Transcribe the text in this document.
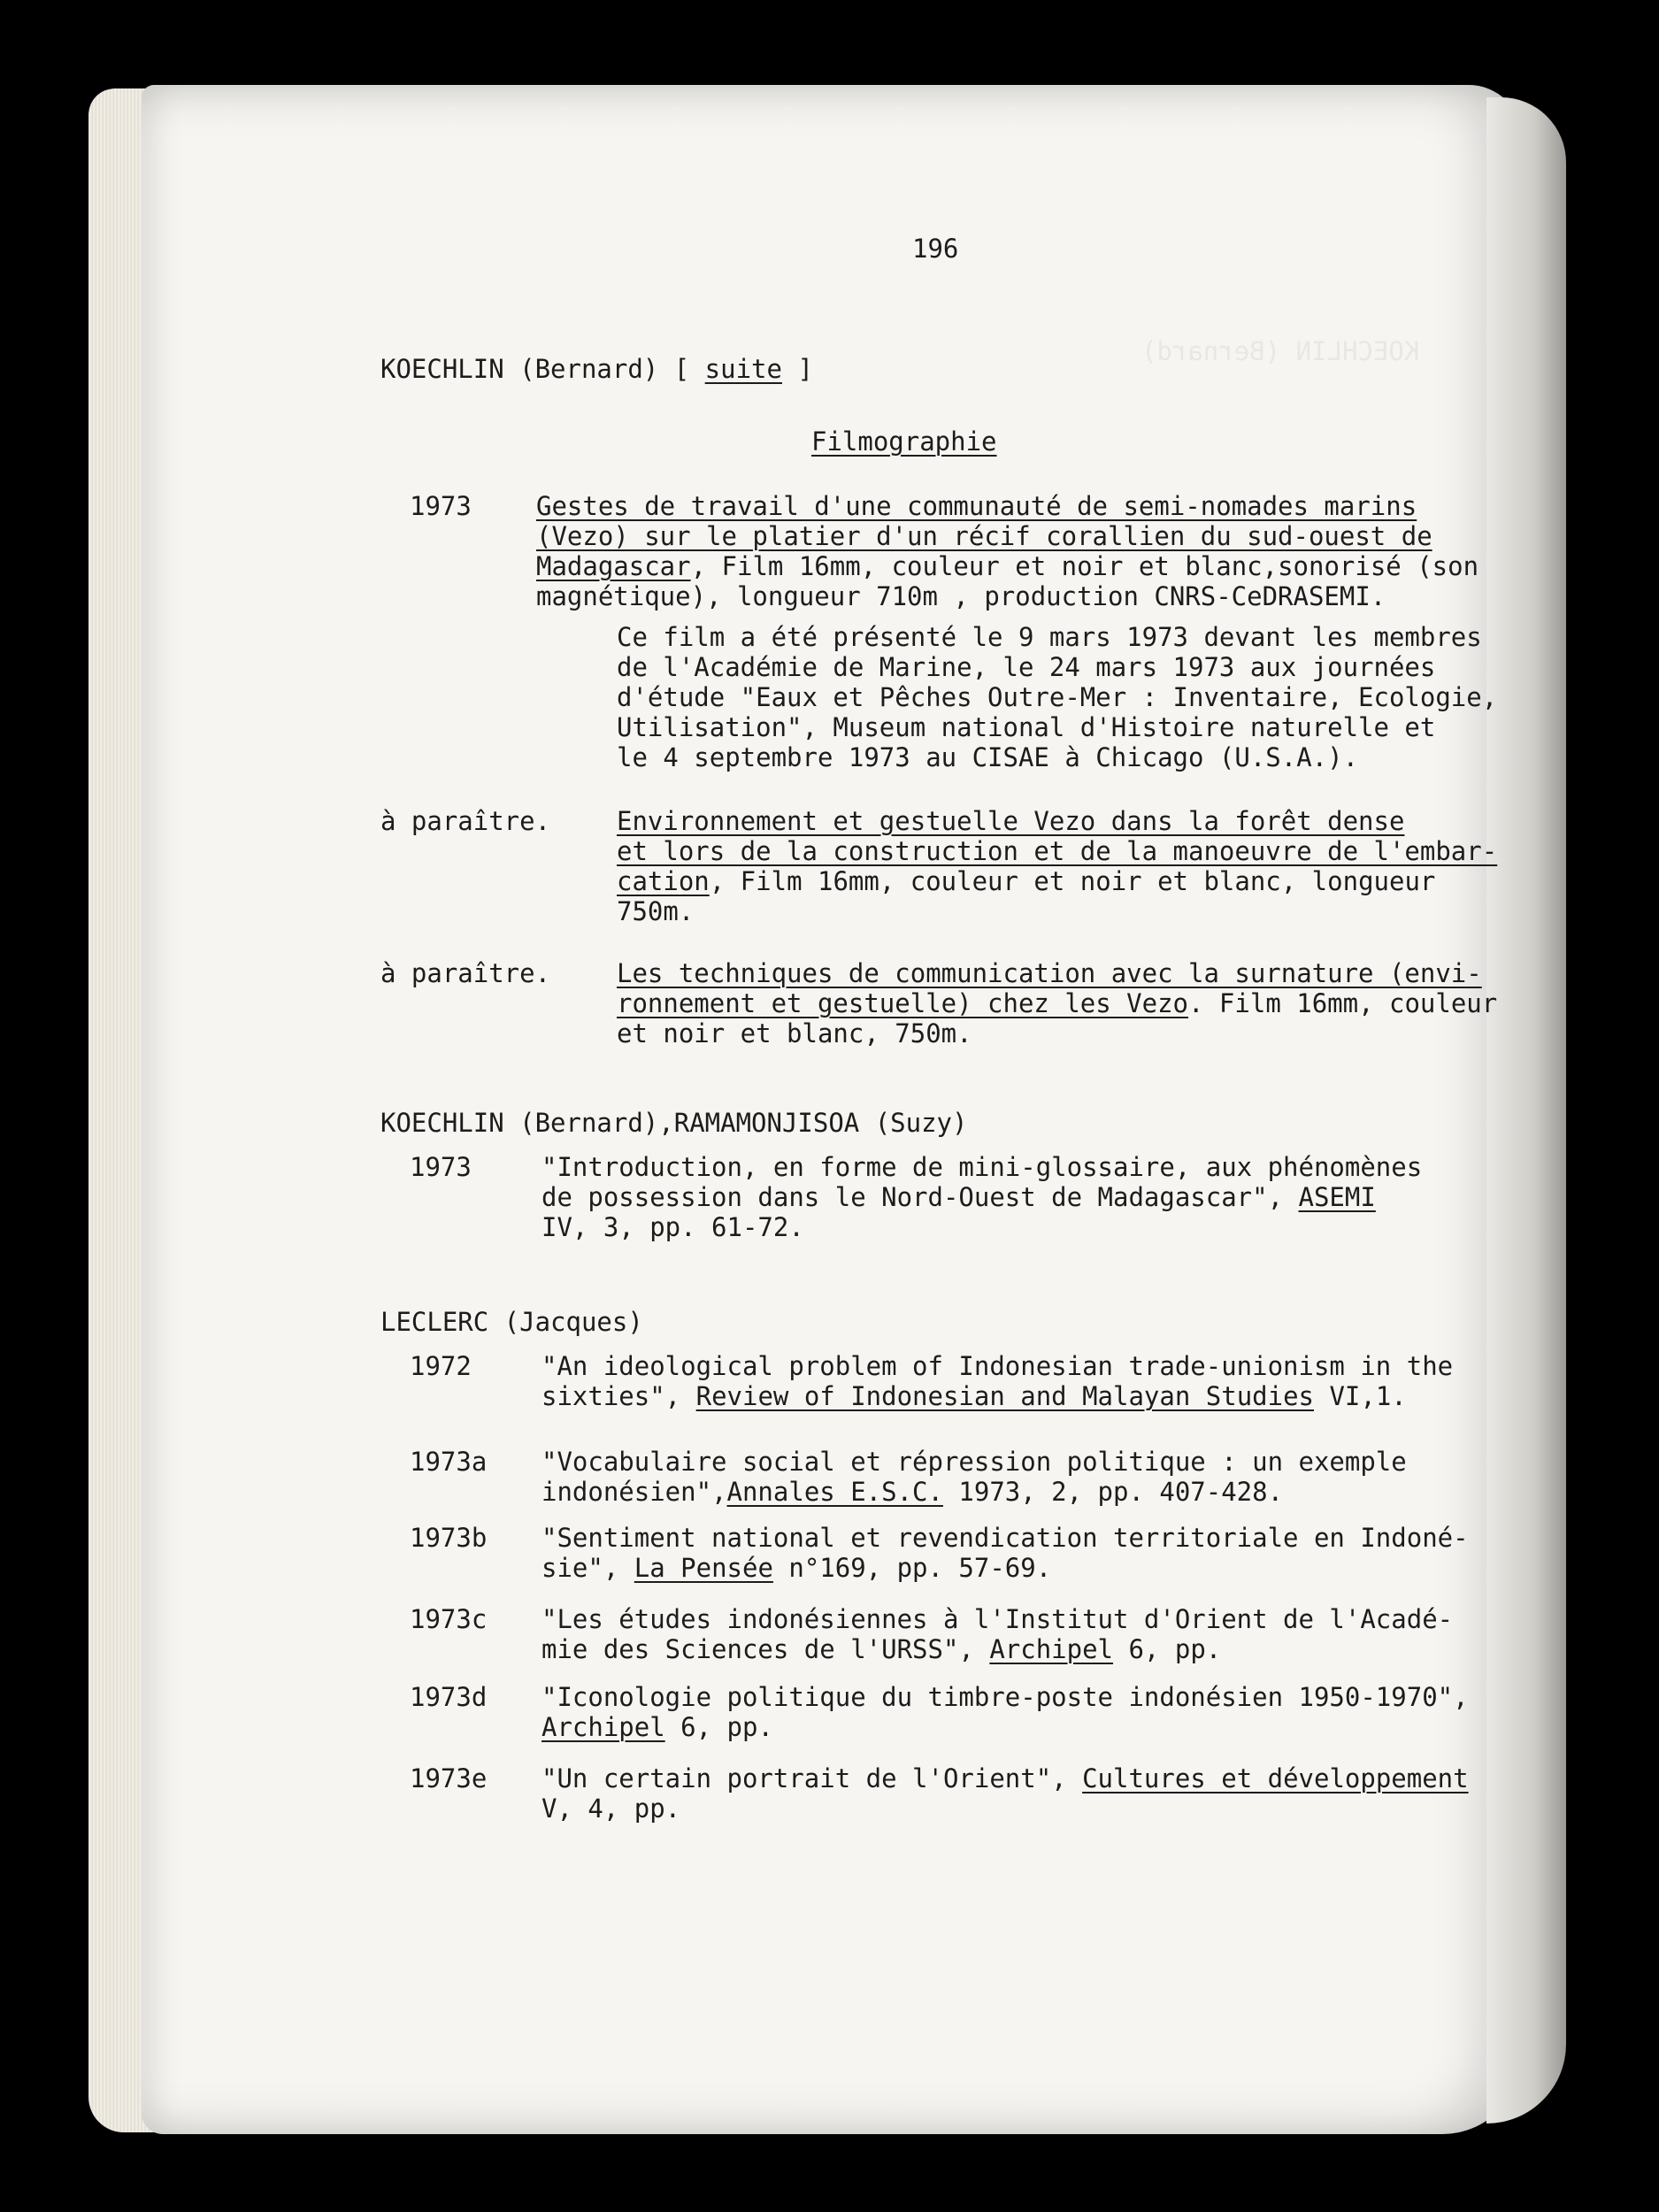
KOECHLIN (Bernard)
196
KOECHLIN (Bernard) [ suite ]
Filmographie
1973	Gestes de travail d'une communauté de semi-nomades marins
(Vezo) sur le platier d'un récif corallien du sud-ouest de
Madagascar, Film 16mm, couleur et noir et blanc,sonorisé (son
magnétique), longueur 710m , production CNRS-CeDRASEMI.
Ce film a été présenté le 9 mars 1973 devant les membres
de l'Académie de Marine, le 24 mars 1973 aux journées
d'étude "Eaux et Pêches Outre-Mer : Inventaire, Ecologie,
Utilisation", Museum national d'Histoire naturelle et
le 4 septembre 1973 au CISAE à Chicago (U.S.A.).
à paraître.	Environnement et gestuelle Vezo dans la forêt dense
et lors de la construction et de la manoeuvre de l'embar-
cation, Film 16mm, couleur et noir et blanc, longueur
750m.
à paraître.	Les techniques de communication avec la surnature (envi-
ronnement et gestuelle) chez les Vezo. Film 16mm, couleur
et noir et blanc, 750m.
KOECHLIN (Bernard),RAMAMONJISOA (Suzy)
1973	"Introduction, en forme de mini-glossaire, aux phénomènes
de possession dans le Nord-Ouest de Madagascar", ASEMI
IV, 3, pp. 61-72.
LECLERC (Jacques)
1972	"An ideological problem of Indonesian trade-unionism in the
sixties", Review of Indonesian and Malayan Studies VI,1.
1973a "Vocabulaire social et répression politique : un exemple
indonésien",Annales E.S.C. 1973, 2, pp. 407-428.
1973b "Sentiment national et revendication territoriale en Indoné-
sie", La Pensée n°169, pp. 57-69.
1973c "Les études indonésiennes à l'Institut d'Orient de l'Acadé-
mie des Sciences de l'URSS", Archipel 6, pp.
1973d "Iconologie politique du timbre-poste indonésien 1950-1970",
Archipel 6, pp.
1973e "Un certain portrait de l'Orient", Cultures et développement
V, 4, pp.
